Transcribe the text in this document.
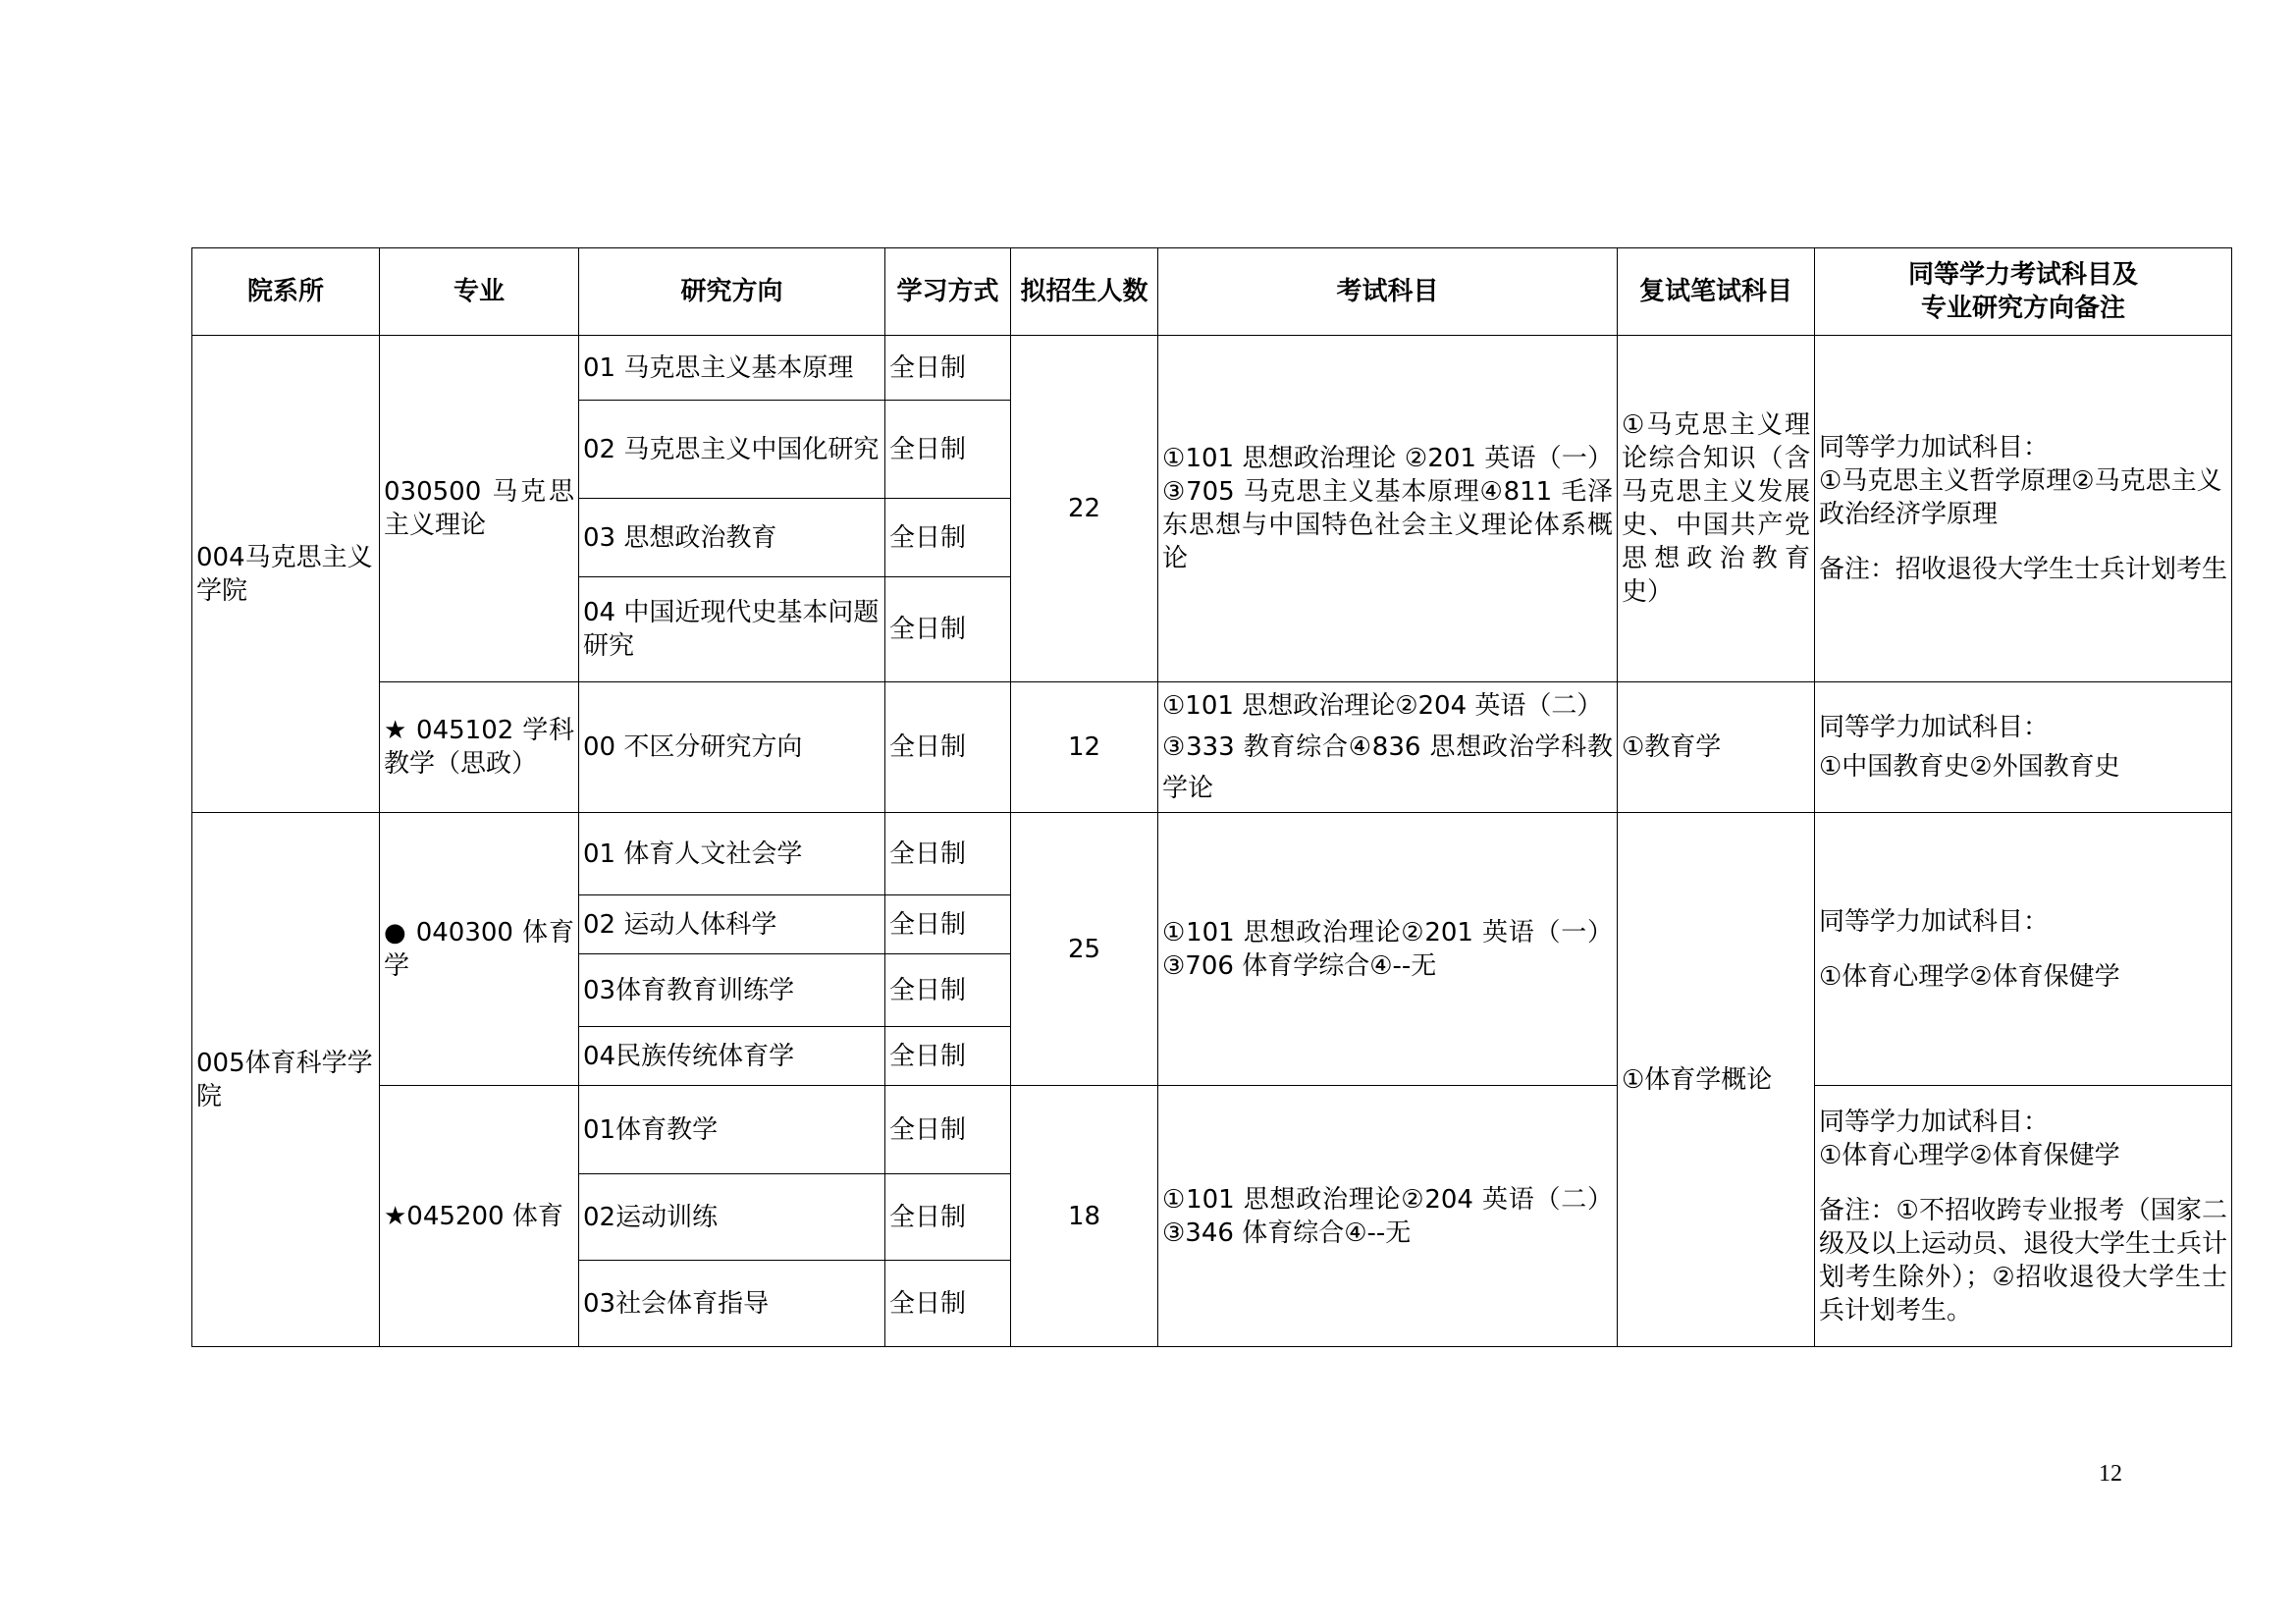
院系所	专业	研究方向	学习方式	拟招生人数	考试科目	复试笔试科目	同等学力考试科目及
专业研究方向备注

004马克思主义学院	030500 马克思主义理论	01 马克思主义基本原理	全日制	22	①101 思想政治理论 ②201 英语（一）③705 马克思主义基本原理④811 毛泽东思想与中国特色社会主义理论体系概论	①马克思主义理论综合知识（含马克思主义发展史、中国共产党思想政治教育史）	同等学力加试科目：
①马克思主义哲学原理②马克思主义政治经济学原理
备注：招收退役大学生士兵计划考生

		02 马克思主义中国化研究	全日制				
		03 思想政治教育	全日制				
		04 中国近现代史基本问题研究	全日制				
	★ 045102 学科教学（思政）	00 不区分研究方向	全日制	12	①101 思想政治理论②204 英语（二）
③333 教育综合④836 思想政治学科教学论	①教育学	同等学力加试科目：
①中国教育史②外国教育史

005体育科学学院	● 040300 体育学	01 体育人文社会学	全日制	25	①101 思想政治理论②201 英语（一）③706 体育学综合④--无	①体育学概论	同等学力加试科目：
①体育心理学②体育保健学

		02 运动人体科学	全日制				
		03体育教育训练学	全日制				
		04民族传统体育学	全日制				
	★045200 体育	01体育教学	全日制	18	①101 思想政治理论②204 英语（二）③346 体育综合④--无		同等学力加试科目：
①体育心理学②体育保健学
备注：①不招收跨专业报考（国家二级及以上运动员、退役大学生士兵计划考生除外）；②招收退役大学生士兵计划考生。

		02运动训练	全日制				
		03社会体育指导	全日制				
12
